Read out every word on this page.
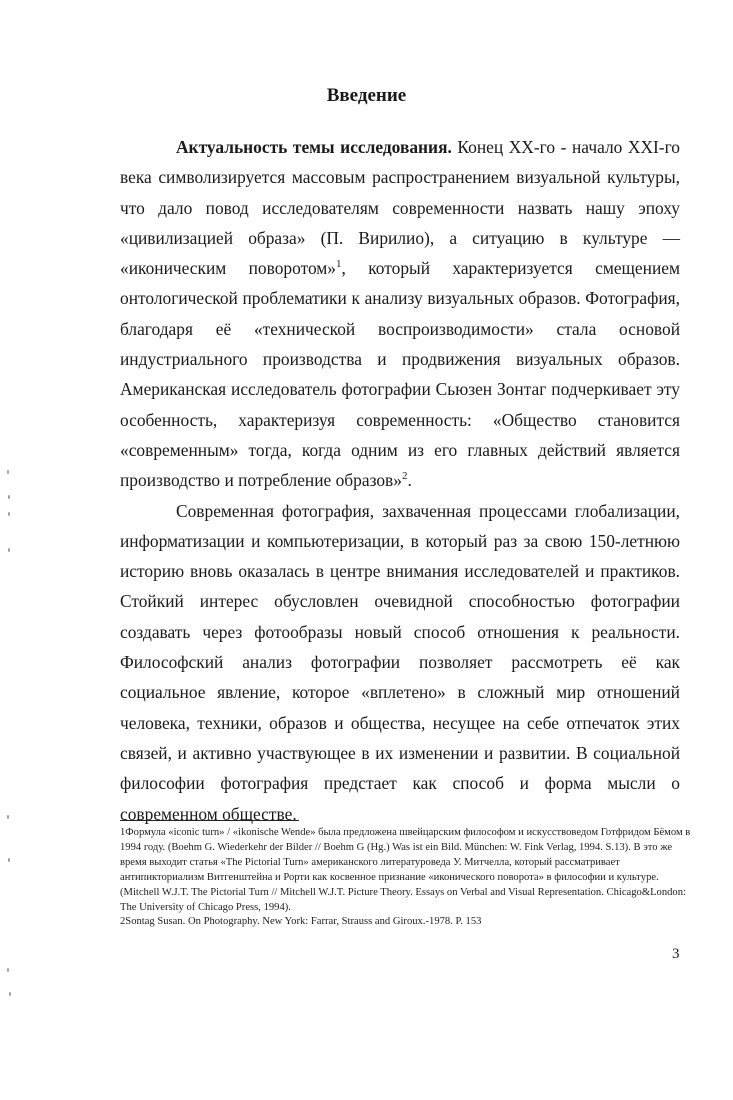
Введение

Актуальность темы исследования. Конец ХХ-го - начало XXI-го века символизируется массовым распространением визуальной культуры, что дало повод исследователям современности назвать нашу эпоху «цивилизацией образа» (П. Вирилио), а ситуацию в культуре — «иконическим поворотом»$^1$, который характеризуется смещением онтологической проблематики к анализу визуальных образов. Фотография, благодаря её «технической воспроизводимости» стала основой индустриального производства и продвижения визуальных образов. Американская исследователь фотографии Сьюзен Зонтаг подчеркивает эту особенность, характеризуя современность: «Общество становится «современным» тогда, когда одним из его главных действий является производство и потребление образов»$^2$.

Современная фотография, захваченная процессами глобализации, информатизации и компьютеризации, в который раз за свою 150-летнюю историю вновь оказалась в центре внимания исследователей и практиков. Стойкий интерес обусловлен очевидной способностью фотографии создавать через фотообразы новый способ отношения к реальности. Философский анализ фотографии позволяет рассмотреть её как социальное явление, которое «вплетено» в сложный мир отношений человека, техники, образов и общества, несущее на себе отпечаток этих связей, и активно участвующее в их изменении и развитии. В социальной философии фотография предстает как способ и форма мысли о современном обществе.

1Формула «iconic turn» / «ikonische Wende» была предложена швейцарским философом и искусствоведом Готфридом Бёмом в 1994 году. (Boehm G. Wiederkehr der Bilder // Boehm G (Hg.) Was ist ein Bild. München: W. Fink Verlag, 1994. S.13). В это же время выходит статья «The Pictorial Turn» американского литературоведа У. Митчелла, который рассматривает антипикториализм Витгенштейна и Рорти как косвенное признание «иконического поворота» в философии и культуре. (Mitchell W.J.T. The Pictorial Turn // Mitchell W.J.T. Picture Theory. Essays on Verbal and Visual Representation. Chicago&London: The University of Chicago Press, 1994).

2Sontag Susan. On Photography. New York: Farrar, Strauss and Giroux.-1978. P. 153

3
